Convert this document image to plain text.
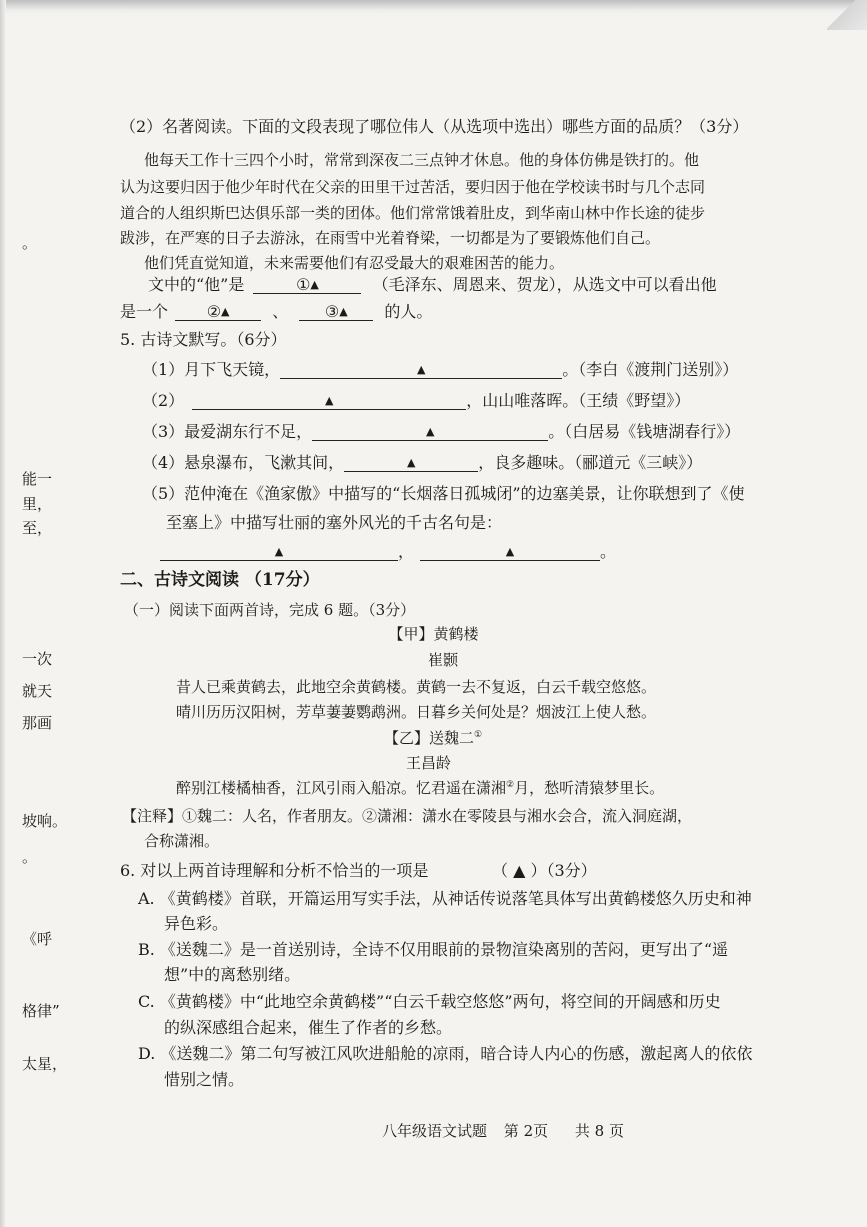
。
能一
里，
至，
一次
就天
那画
坡响。
。
《呼
格律”
太星，
（2）名著阅读。下面的文段表现了哪位伟人（从选项中选出）哪些方面的品质？（3分）
他每天工作十三四个小时，常常到深夜二三点钟才休息。他的身体仿佛是铁打的。他
认为这要归因于他少年时代在父亲的田里干过苦活，要归因于他在学校读书时与几个志同
道合的人组织斯巴达俱乐部一类的团体。他们常常饿着肚皮，到华南山林中作长途的徒步
跋涉，在严寒的日子去游泳，在雨雪中光着脊梁，一切都是为了要锻炼他们自己。
他们凭直觉知道，未来需要他们有忍受最大的艰难困苦的能力。
文中的“他”是	①▲	（毛泽东、周恩来、贺龙），从选文中可以看出他
是一个 ②▲	、 ③▲ 的人。
5. 古诗文默写。（6分）
（1）月下飞天镜，	▲	。（李白《渡荆门送别》）
（2）	▲	，山山唯落晖。（王绩《野望》）
（3）最爱湖东行不足，	▲	。（白居易《钱塘湖春行》）
（4）悬泉瀑布，飞漱其间，	▲	，良多趣味。（郦道元《三峡》）
（5）范仲淹在《渔家傲》中描写的“长烟落日孤城闭”的边塞美景，让你联想到了《使
至塞上》中描写壮丽的塞外风光的千古名句是：
▲	，	▲	。
二、古诗文阅读 （17分）
（一）阅读下面两首诗，完成 6 题。（3分）
【甲】黄鹤楼
崔颢
昔人已乘黄鹤去，此地空余黄鹤楼。黄鹤一去不复返，白云千载空悠悠。
晴川历历汉阳树，芳草萋萋鹦鹉洲。日暮乡关何处是？烟波江上使人愁。
【乙】送魏二①
王昌龄
醉别江楼橘柚香，江风引雨入船凉。忆君遥在潇湘②月，愁听清猿梦里长。
【注释】①魏二：人名，作者朋友。②潇湘：潇水在零陵县与湘水会合，流入洞庭湖，
合称潇湘。
6. 对以上两首诗理解和分析不恰当的一项是	（ ▲ ）（3分）
A. 《黄鹤楼》首联，开篇运用写实手法，从神话传说落笔具体写出黄鹤楼悠久历史和神
异色彩。
B. 《送魏二》是一首送别诗，全诗不仅用眼前的景物渲染离别的苦闷，更写出了“遥
想”中的离愁别绪。
C. 《黄鹤楼》中“此地空余黄鹤楼”“白云千载空悠悠”两句，将空间的开阔感和历史
的纵深感组合起来，催生了作者的乡愁。
D. 《送魏二》第二句写被江风吹进船舱的凉雨，暗合诗人内心的伤感，激起离人的依依
惜别之情。
八年级语文试题 第 2页 共 8 页
